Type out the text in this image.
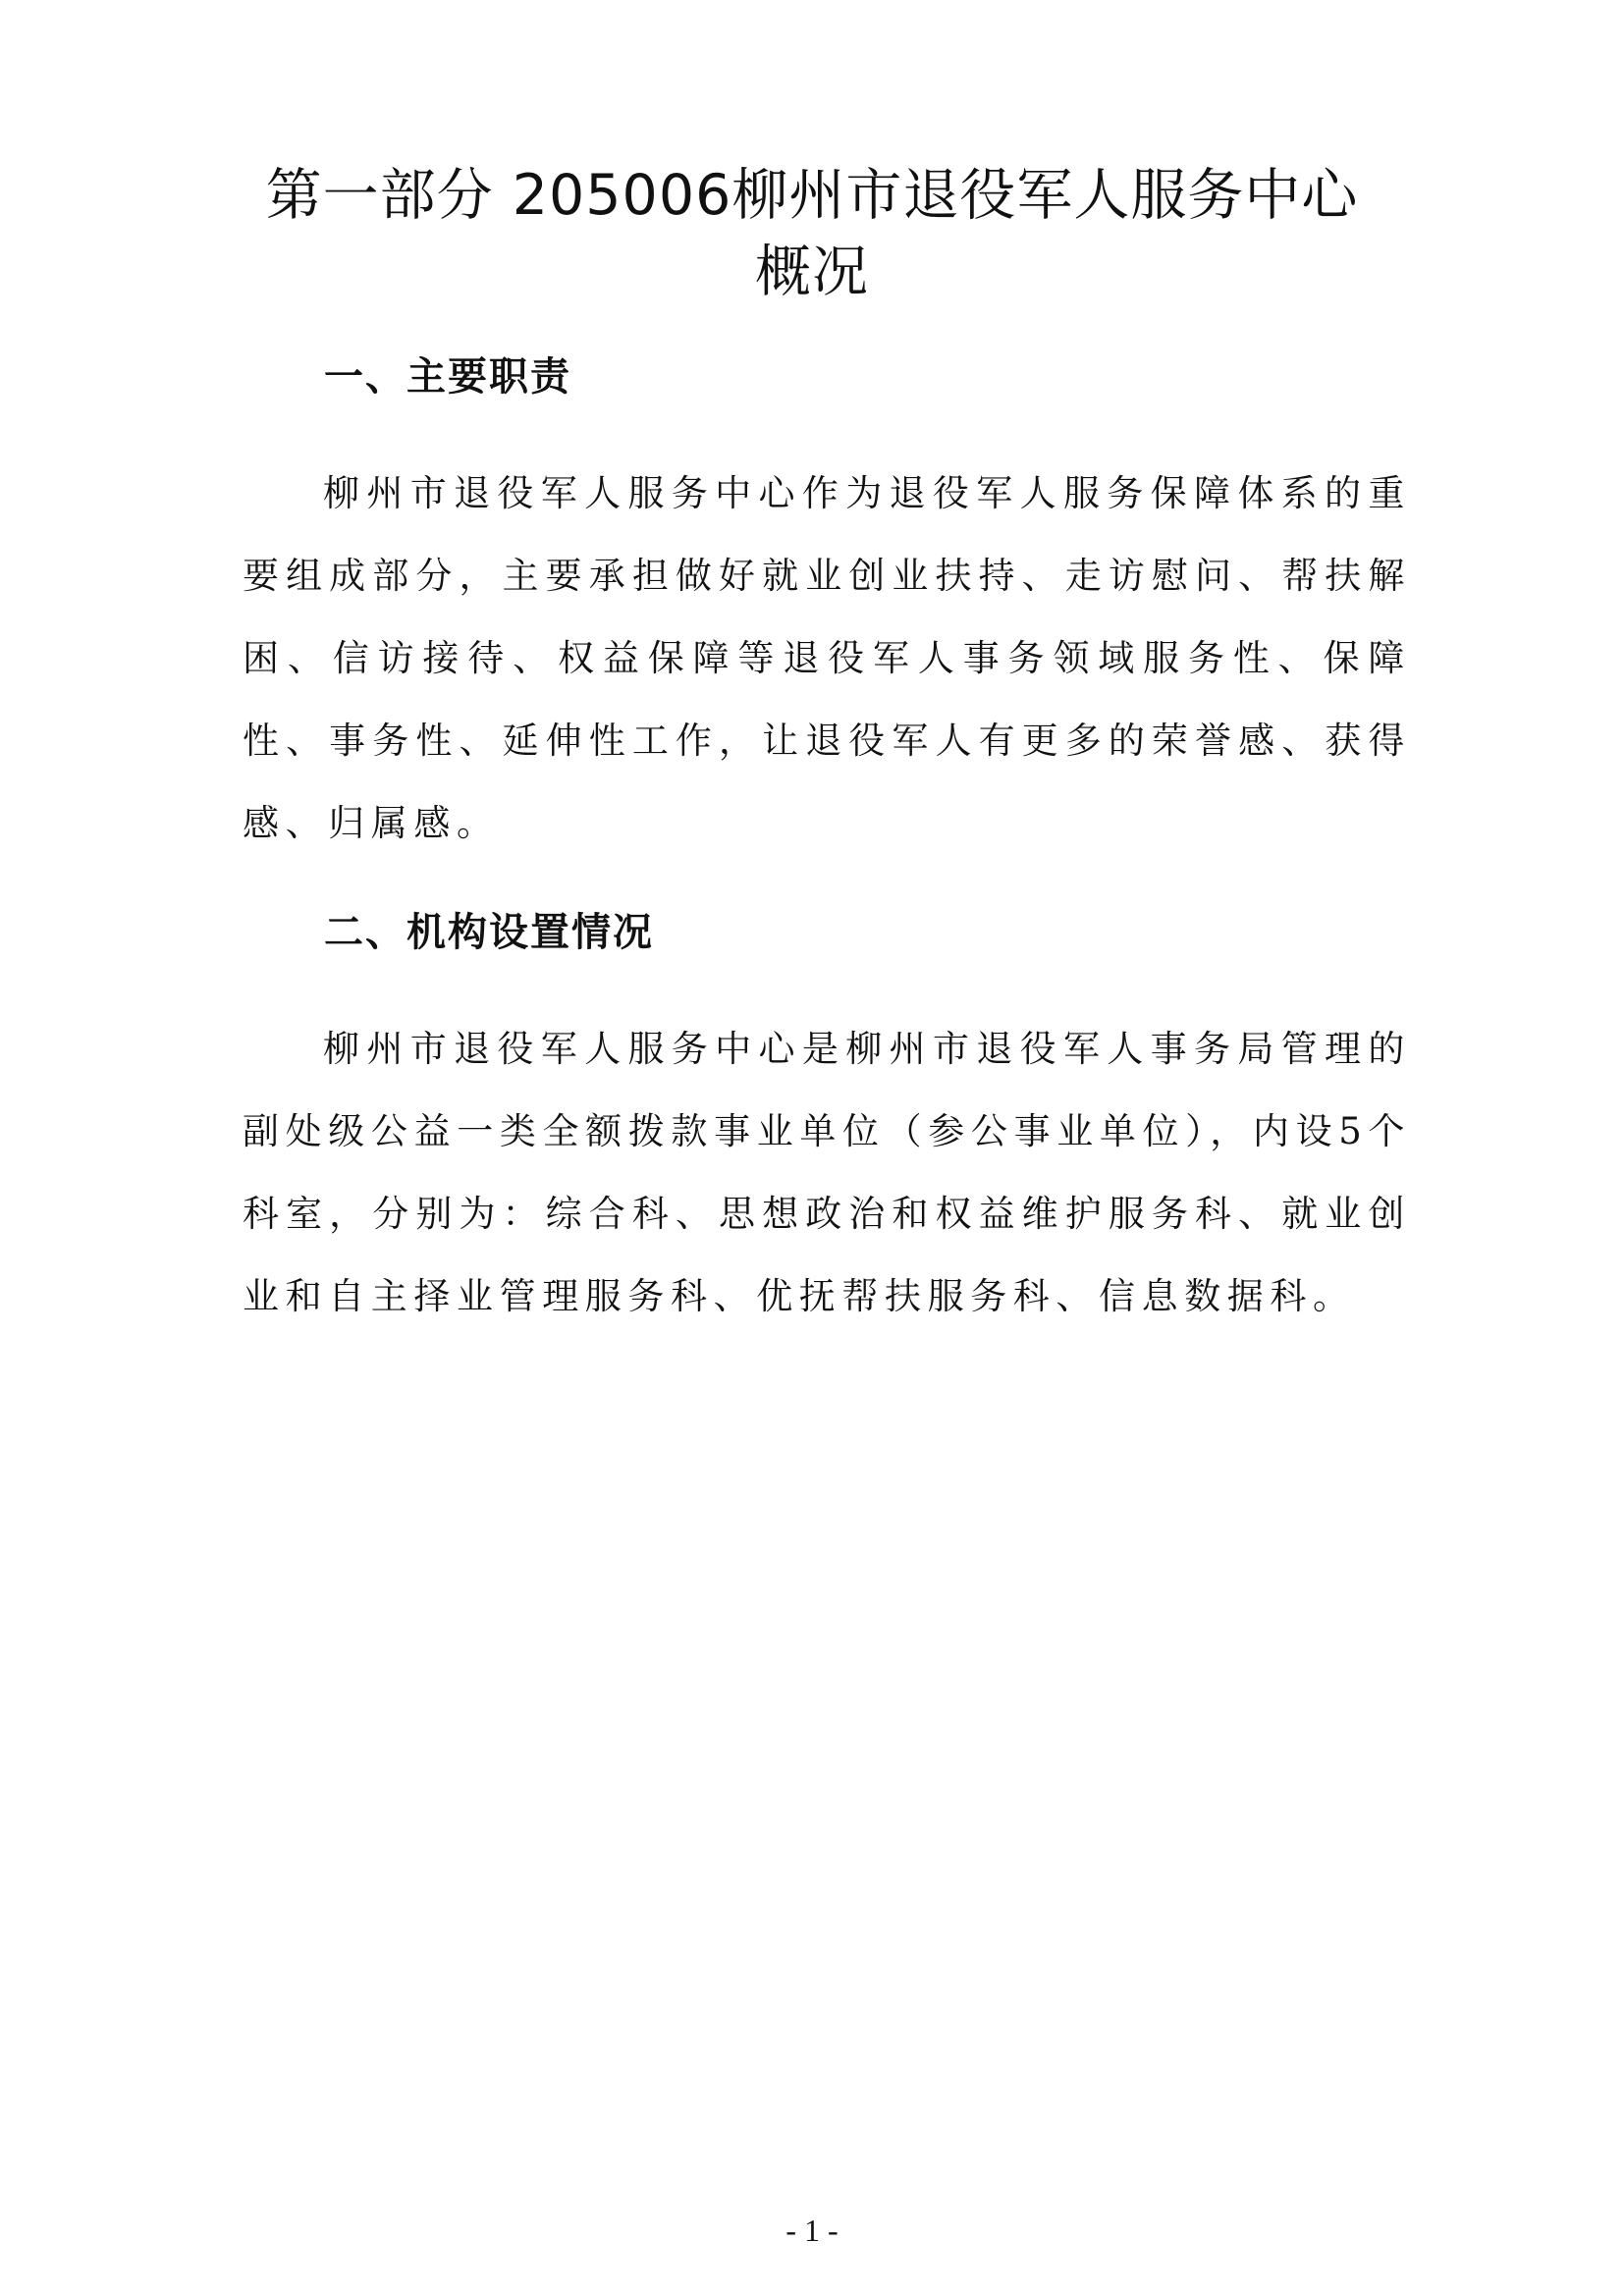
第一部分 205006柳州市退役军人服务中心
概况
一、主要职责

柳州市退役军人服务中心作为退役军人服务保障体系的重要组成部分，主要承担做好就业创业扶持、走访慰问、帮扶解困、信访接待、权益保障等退役军人事务领域服务性、保障性、事务性、延伸性工作，让退役军人有更多的荣誉感、获得感、归属感。

二、机构设置情况

柳州市退役军人服务中心是柳州市退役军人事务局管理的副处级公益一类全额拨款事业单位（参公事业单位），内设5个科室，分别为：综合科、思想政治和权益维护服务科、就业创业和自主择业管理服务科、优抚帮扶服务科、信息数据科。

- 1 -
